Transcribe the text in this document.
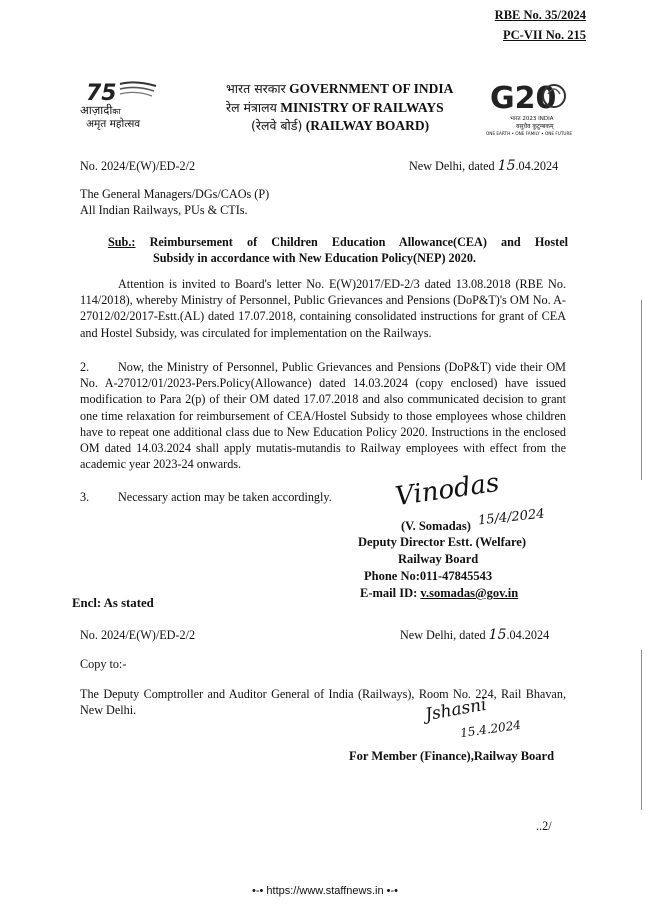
RBE No. 35/2024
PC-VII No. 215
75
आज़ादीका
अमृत महोत्सव
भारत सरकार GOVERNMENT OF INDIA
रेल मंत्रालय MINISTRY OF RAILWAYS
(रेलवे बोर्ड) (RAILWAY BOARD)
G20
भारत 2023 INDIA
वसुधैव कुटुम्बकम्
ONE EARTH • ONE FAMILY • ONE FUTURE
No. 2024/E(W)/ED-2/2	New Delhi, dated 15.04.2024
The General Managers/DGs/CAOs (P)
All Indian Railways, PUs & CTIs.
Sub.: Reimbursement of Children Education Allowance(CEA) and Hostel
Subsidy in accordance with New Education Policy(NEP) 2020.
Attention is invited to Board's letter No. E(W)2017/ED-2/3 dated 13.08.2018 (RBE No. 114/2018), whereby Ministry of Personnel, Public Grievances and Pensions (DoP&T)'s OM No. A-27012/02/2017-Estt.(AL) dated 17.07.2018, containing consolidated instructions for grant of CEA and Hostel Subsidy, was circulated for implementation on the Railways.
2.	Now, the Ministry of Personnel, Public Grievances and Pensions (DoP&T) vide their OM No. A-27012/01/2023-Pers.Policy(Allowance) dated 14.03.2024 (copy enclosed) have issued modification to Para 2(p) of their OM dated 17.07.2018 and also communicated decision to grant one time relaxation for reimbursement of CEA/Hostel Subsidy to those employees whose children have to repeat one additional class due to New Education Policy 2020. Instructions in the enclosed OM dated 14.03.2024 shall apply mutatis-mutandis to Railway employees with effect from the academic year 2023-24 onwards.
3. Necessary action may be taken accordingly. Vinodas
(V. Somadas) 15/4/2024
Deputy Director Estt. (Welfare)
Railway Board
Phone No:011-47845543
E-mail ID: v.somadas@gov.in
Encl: As stated
No. 2024/E(W)/ED-2/2	New Delhi, dated 15.04.2024
Copy to:-
The Deputy Comptroller and Auditor General of India (Railways), Room No. 224, Rail Bhavan, New Delhi.	Jshasni
15.4.2024
For Member (Finance),Railway Board
..2/
•-• https://www.staffnews.in •-•
